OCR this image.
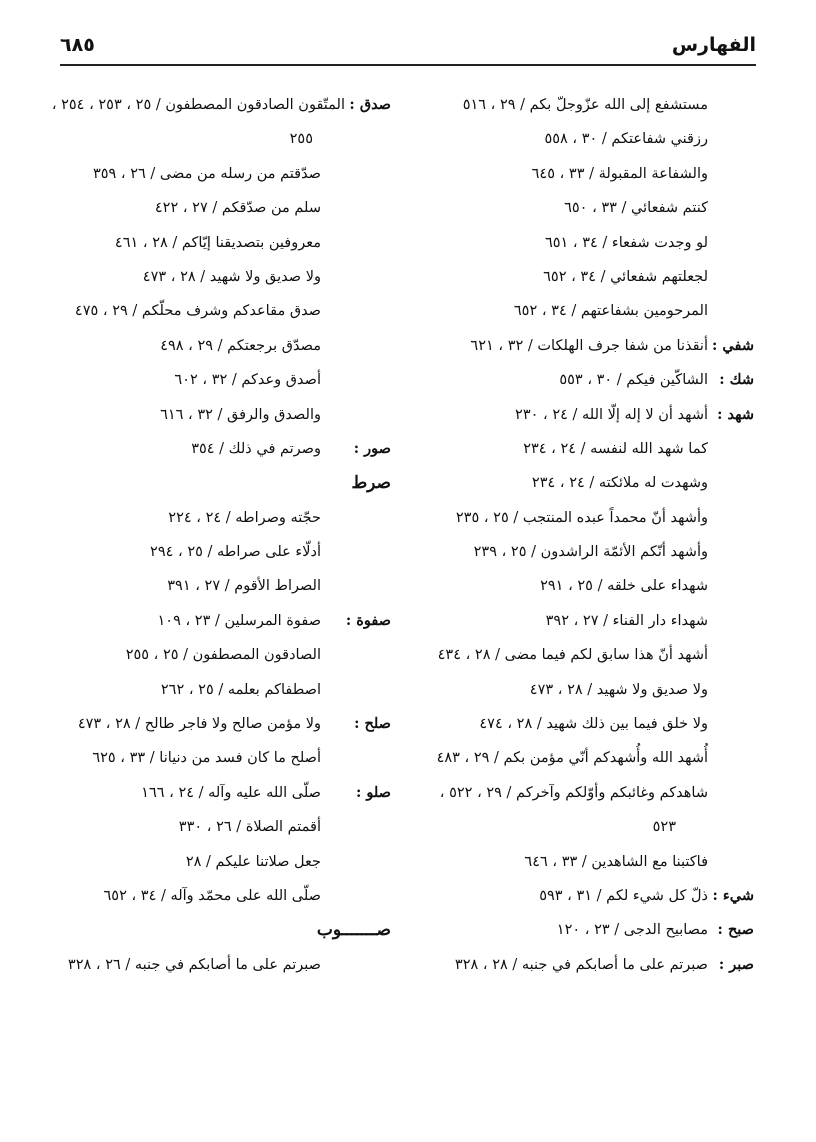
الفهارس
٦٨٥
مستشفع إلى الله عزّوجلّ بكم / ٢٩ ، ٥١٦
رزقني شفاعتكم / ٣٠ ، ٥٥٨
والشفاعة المقبولة / ٣٣ ، ٦٤٥
كنتم شفعائي / ٣٣ ، ٦٥٠
لو وجدت شفعاء / ٣٤ ، ٦٥١
لجعلتهم شفعائي / ٣٤ ، ٦٥٢
المرحومين بشفاعتهم / ٣٤ ، ٦٥٢
شفي :
أنقذنا من شفا جرف الهلكات / ٣٢ ، ٦٢١
شك :
الشاكّين فيكم / ٣٠ ، ٥٥٣
شهد :
أشهد أن لا إله إلّا الله / ٢٤ ، ٢٣٠
كما شهد الله لنفسه / ٢٤ ، ٢٣٤
وشهدت له ملائكته / ٢٤ ، ٢٣٤
وأشهد أنّ محمداً عبده المنتجب / ٢٥ ، ٢٣٥
وأشهد أنّكم الأئمّة الراشدون / ٢٥ ، ٢٣٩
شهداء على خلقه / ٢٥ ، ٢٩١
شهداء دار الفناء / ٢٧ ، ٣٩٢
أشهد أنّ هذا سابق لكم فيما مضى / ٢٨ ، ٤٣٤
ولا صديق ولا شهيد / ٢٨ ، ٤٧٣
ولا خلق فيما بين ذلك شهيد / ٢٨ ، ٤٧٤
أُشهد الله وأُشهدكم أنّي مؤمن بكم / ٢٩ ، ٤٨٣
شاهدكم وغائبكم وأوّلكم وآخركم / ٢٩ ، ٥٢٢ ،
٥٢٣
فاكتبنا مع الشاهدين / ٣٣ ، ٦٤٦
شيء :
ذلّ كل شيء لكم / ٣١ ، ٥٩٣
صبح :
مصابيح الدجى / ٢٣ ، ١٢٠
صبر :
صبرتم على ما أصابكم في جنبه / ٢٨ ، ٣٢٨
صدق :
المتّقون الصادقون المصطفون / ٢٥ ، ٢٥٣ ، ٢٥٤ ،
٢٥٥
صدّقتم من رسله من مضى / ٢٦ ، ٣٥٩
سلم من صدّقكم / ٢٧ ، ٤٢٢
معروفين بتصديقنا إيّاكم / ٢٨ ، ٤٦١
ولا صديق ولا شهيد / ٢٨ ، ٤٧٣
صدق مقاعدكم وشرف محلّكم / ٢٩ ، ٤٧٥
مصدّق برجعتكم / ٢٩ ، ٤٩٨
أصدق وعدكم / ٣٢ ، ٦٠٢
والصدق والرفق / ٣٢ ، ٦١٦
صور :
وصرتم في ذلك / ٣٥٤
صرط
حجّته وصراطه / ٢٤ ، ٢٢٤
أدلّاء على صراطه / ٢٥ ، ٢٩٤
الصراط الأقوم / ٢٧ ، ٣٩١
صفوة :
صفوة المرسلين / ٢٣ ، ١٠٩
الصادقون المصطفون / ٢٥ ، ٢٥٥
اصطفاكم بعلمه / ٢٥ ، ٢٦٢
صلح :
ولا مؤمن صالح ولا فاجر طالح / ٢٨ ، ٤٧٣
أصلح ما كان فسد من دنيانا / ٣٣ ، ٦٢٥
صلو :
صلّى الله عليه وآله / ٢٤ ، ١٦٦
أقمتم الصلاة / ٢٦ ، ٣٣٠
جعل صلاتنا عليكم / ٢٨
صلّى الله على محمّد وآله / ٣٤ ، ٦٥٢
صـــــــوب
صبرتم على ما أصابكم في جنبه / ٢٦ ، ٣٢٨
